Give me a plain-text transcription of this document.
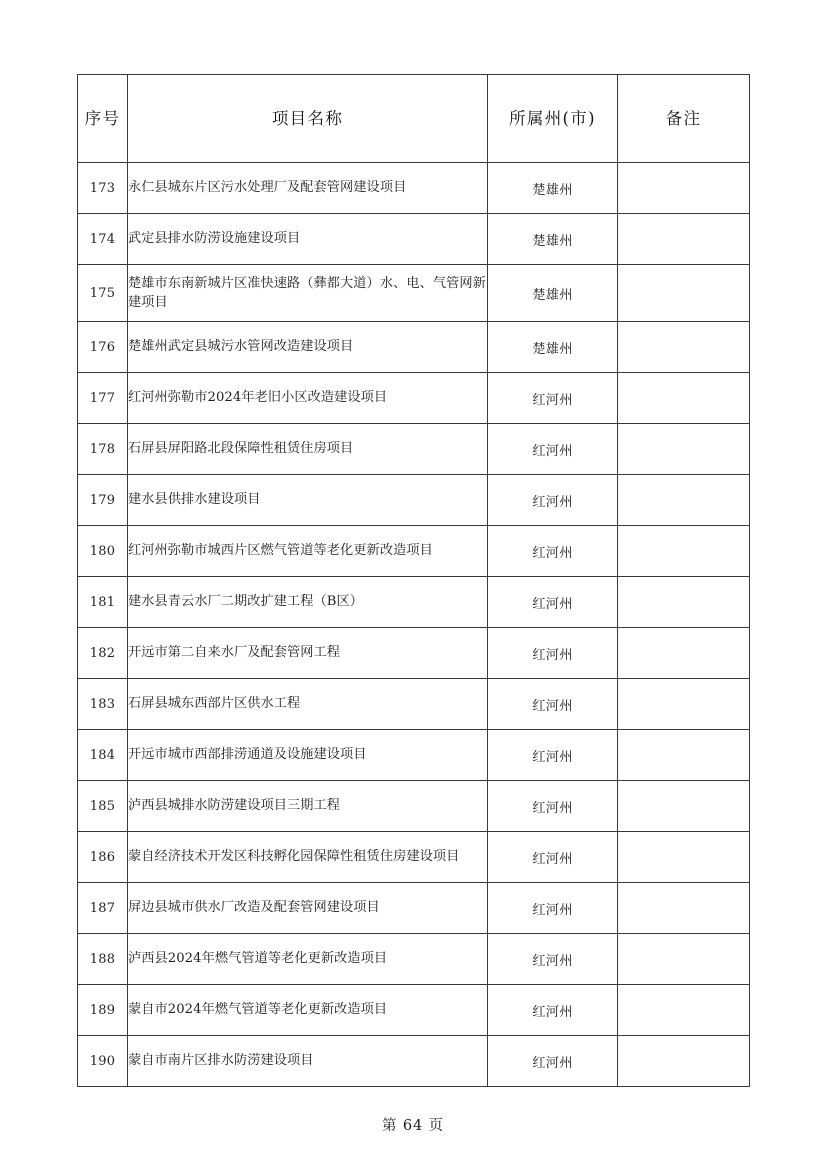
序号	项目名称	所属州(市)	备注

173	永仁县城东片区污水处理厂及配套管网建设项目	楚雄州	
174	武定县排水防涝设施建设项目	楚雄州	
175	楚雄市东南新城片区准快速路（彝都大道）水、电、气管网新建项目	楚雄州	
176	楚雄州武定县城污水管网改造建设项目	楚雄州	
177	红河州弥勒市2024年老旧小区改造建设项目	红河州	
178	石屏县屏阳路北段保障性租赁住房项目	红河州	
179	建水县供排水建设项目	红河州	
180	红河州弥勒市城西片区燃气管道等老化更新改造项目	红河州	
181	建水县青云水厂二期改扩建工程（B区）	红河州	
182	开远市第二自来水厂及配套管网工程	红河州	
183	石屏县城东西部片区供水工程	红河州	
184	开远市城市西部排涝通道及设施建设项目	红河州	
185	泸西县城排水防涝建设项目三期工程	红河州	
186	蒙自经济技术开发区科技孵化园保障性租赁住房建设项目	红河州	
187	屏边县城市供水厂改造及配套管网建设项目	红河州	
188	泸西县2024年燃气管道等老化更新改造项目	红河州	
189	蒙自市2024年燃气管道等老化更新改造项目	红河州	
190	蒙自市南片区排水防涝建设项目	红河州	
第 64 页
